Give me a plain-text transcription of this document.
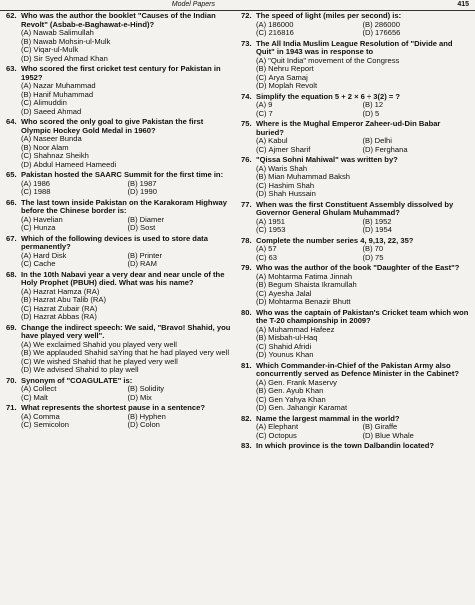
Model Papers	415
62. Who was the author the booklet "Causes of the Indian Revolt" (Asbab-e-Baghawat-e-Hind)?
(A) Nawab Salimullah
(B) Nawab Mohsin-ul-Mulk
(C) Viqar-ul-Mulk
(D) Sir Syed Ahmad Khan
63. Who scored the first cricket test century for Pakistan in 1952?
(A) Nazar Muhammad
(B) Hanif Muhammad
(C) Alimuddin
(D) Saeed Ahmad
64. Who scored the only goal to give Pakistan the first Olympic Hockey Gold Medal in 1960?
(A) Naseer Bunda
(B) Noor Alam
(C) Shahnaz Sheikh
(D) Abdul Hameed Hameedi
65. Pakistan hosted the SAARC Summit for the first time in:
(A) 1986	(B) 1987
(C) 1988	(D) 1990
66. The last town inside Pakistan on the Karakoram Highway before the Chinese border is:
(A) Havelian	(B) Diamer
(C) Hunza	(D) Sost
67. Which of the following devices is used to store data permanently?
(A) Hard Disk	(B) Printer
(C) Cache	(D) RAM
68. In the 10th Nabavi year a very dear and near uncle of the Holy Prophet (PBUH) died. What was his name?
(A) Hazrat Hamza (RA)
(B) Hazrat Abu Talib (RA)
(C) Hazrat Zubair (RA)
(D) Hazrat Abbas (RA)
69. Change the indirect speech: We said, "Bravo! Shahid, you have played very well".
(A) We exclaimed Shahid you played very well
(B) We applauded Shahid saYing that he had played very well
(C) We wished Shahid that he played very well
(D) We advised Shahid to play well
70. Synonym of "COAGULATE" is:
(A) Collect	(B) Solidity
(C) Malt	(D) Mix
71. What represents the shortest pause in a sentence?
(A) Comma	(B) Hyphen
(C) Semicolon	(D) Colon
72. The speed of light (miles per second) is:
(A) 186000	(B) 286000
(C) 216816	(D) 176656
73. The All India Muslim League Resolution of "Divide and Quit" in 1943 was in response to
(A) "Quit India" movement of the Congress
(B) Nehru Report
(C) Arya Samaj
(D) Moplah Revolt
74. Simplify the equation 5 + 2 × 6 ÷ 3(2) = ?
(A) 9	(B) 12
(C) 7	(D) 5
75. Where is the Mughal Emperor Zaheer-ud-Din Babar buried?
(A) Kabul	(B) Delhi
(C) Ajmer Sharif	(D) Ferghana
76. "Qissa Sohni Mahiwal" was written by?
(A) Waris Shah
(B) Mian Muhammad Baksh
(C) Hashim Shah
(D) Shah Hussain
77. When was the first Constituent Assembly dissolved by Governor General Ghulam Muhammad?
(A) 1951	(B) 1952
(C) 1953	(D) 1954
78. Complete the number series 4, 9,13, 22, 35?
(A) 57	(B) 70
(C) 63	(D) 75
79. Who was the author of the book "Daughter of the East"?
(A) Mohtarma Fatima Jinnah
(B) Begum Shaista Ikramullah
(C) Ayesha Jalal
(D) Mohtarma Benazir Bhutt
80. Who was the captain of Pakistan's Cricket team which won the T-20 championship in 2009?
(A) Muhammad Hafeez
(B) Misbah-ul-Haq
(C) Shahid Afridi
(D) Younus Khan
81. Which Commander-in-Chief of the Pakistan Army also concurrently served as Defence Minister in the Cabinet?
(A) Gen. Frank Maservy
(B) Gen. Ayub Khan
(C) Gen Yahya Khan
(D) Gen. Jahangir Karamat
82. Name the largest mammal in the world?
(A) Elephant	(B) Giraffe
(C) Octopus	(D) Blue Whale
83. In which province is the town Dalbandin located?
